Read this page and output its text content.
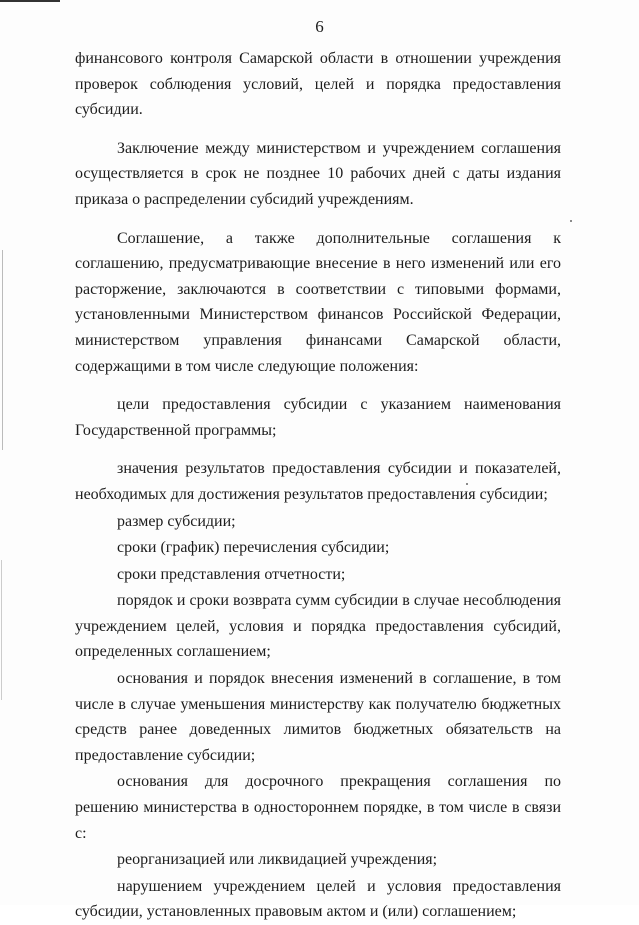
6

финансового контроля Самарской области в отношении учреждения проверок соблюдения условий, целей и порядка предоставления субсидии.

Заключение между министерством и учреждением соглашения осуществляется в срок не позднее 10 рабочих дней с даты издания приказа о распределении субсидий учреждениям.

Соглашение, а также дополнительные соглашения к соглашению, предусматривающие внесение в него изменений или его расторжение, заключаются в соответствии с типовыми формами, установленными Министерством финансов Российской Федерации, министерством управления финансами Самарской области, содержащими в том числе следующие положения:

цели предоставления субсидии с указанием наименования Государственной программы;

значения результатов предоставления субсидии и показателей, необходимых для достижения результатов предоставления субсидии;

размер субсидии;

сроки (график) перечисления субсидии;

сроки представления отчетности;

порядок и сроки возврата сумм субсидии в случае несоблюдения учреждением целей, условия и порядка предоставления субсидий, определенных соглашением;

основания и порядок внесения изменений в соглашение, в том числе в случае уменьшения министерству как получателю бюджетных средств ранее доведенных лимитов бюджетных обязательств на предоставление субсидии;

основания для досрочного прекращения соглашения по решению министерства в одностороннем порядке, в том числе в связи с:

реорганизацией или ликвидацией учреждения;

нарушением учреждением целей и условия предоставления субсидии, установленных правовым актом и (или) соглашением;
